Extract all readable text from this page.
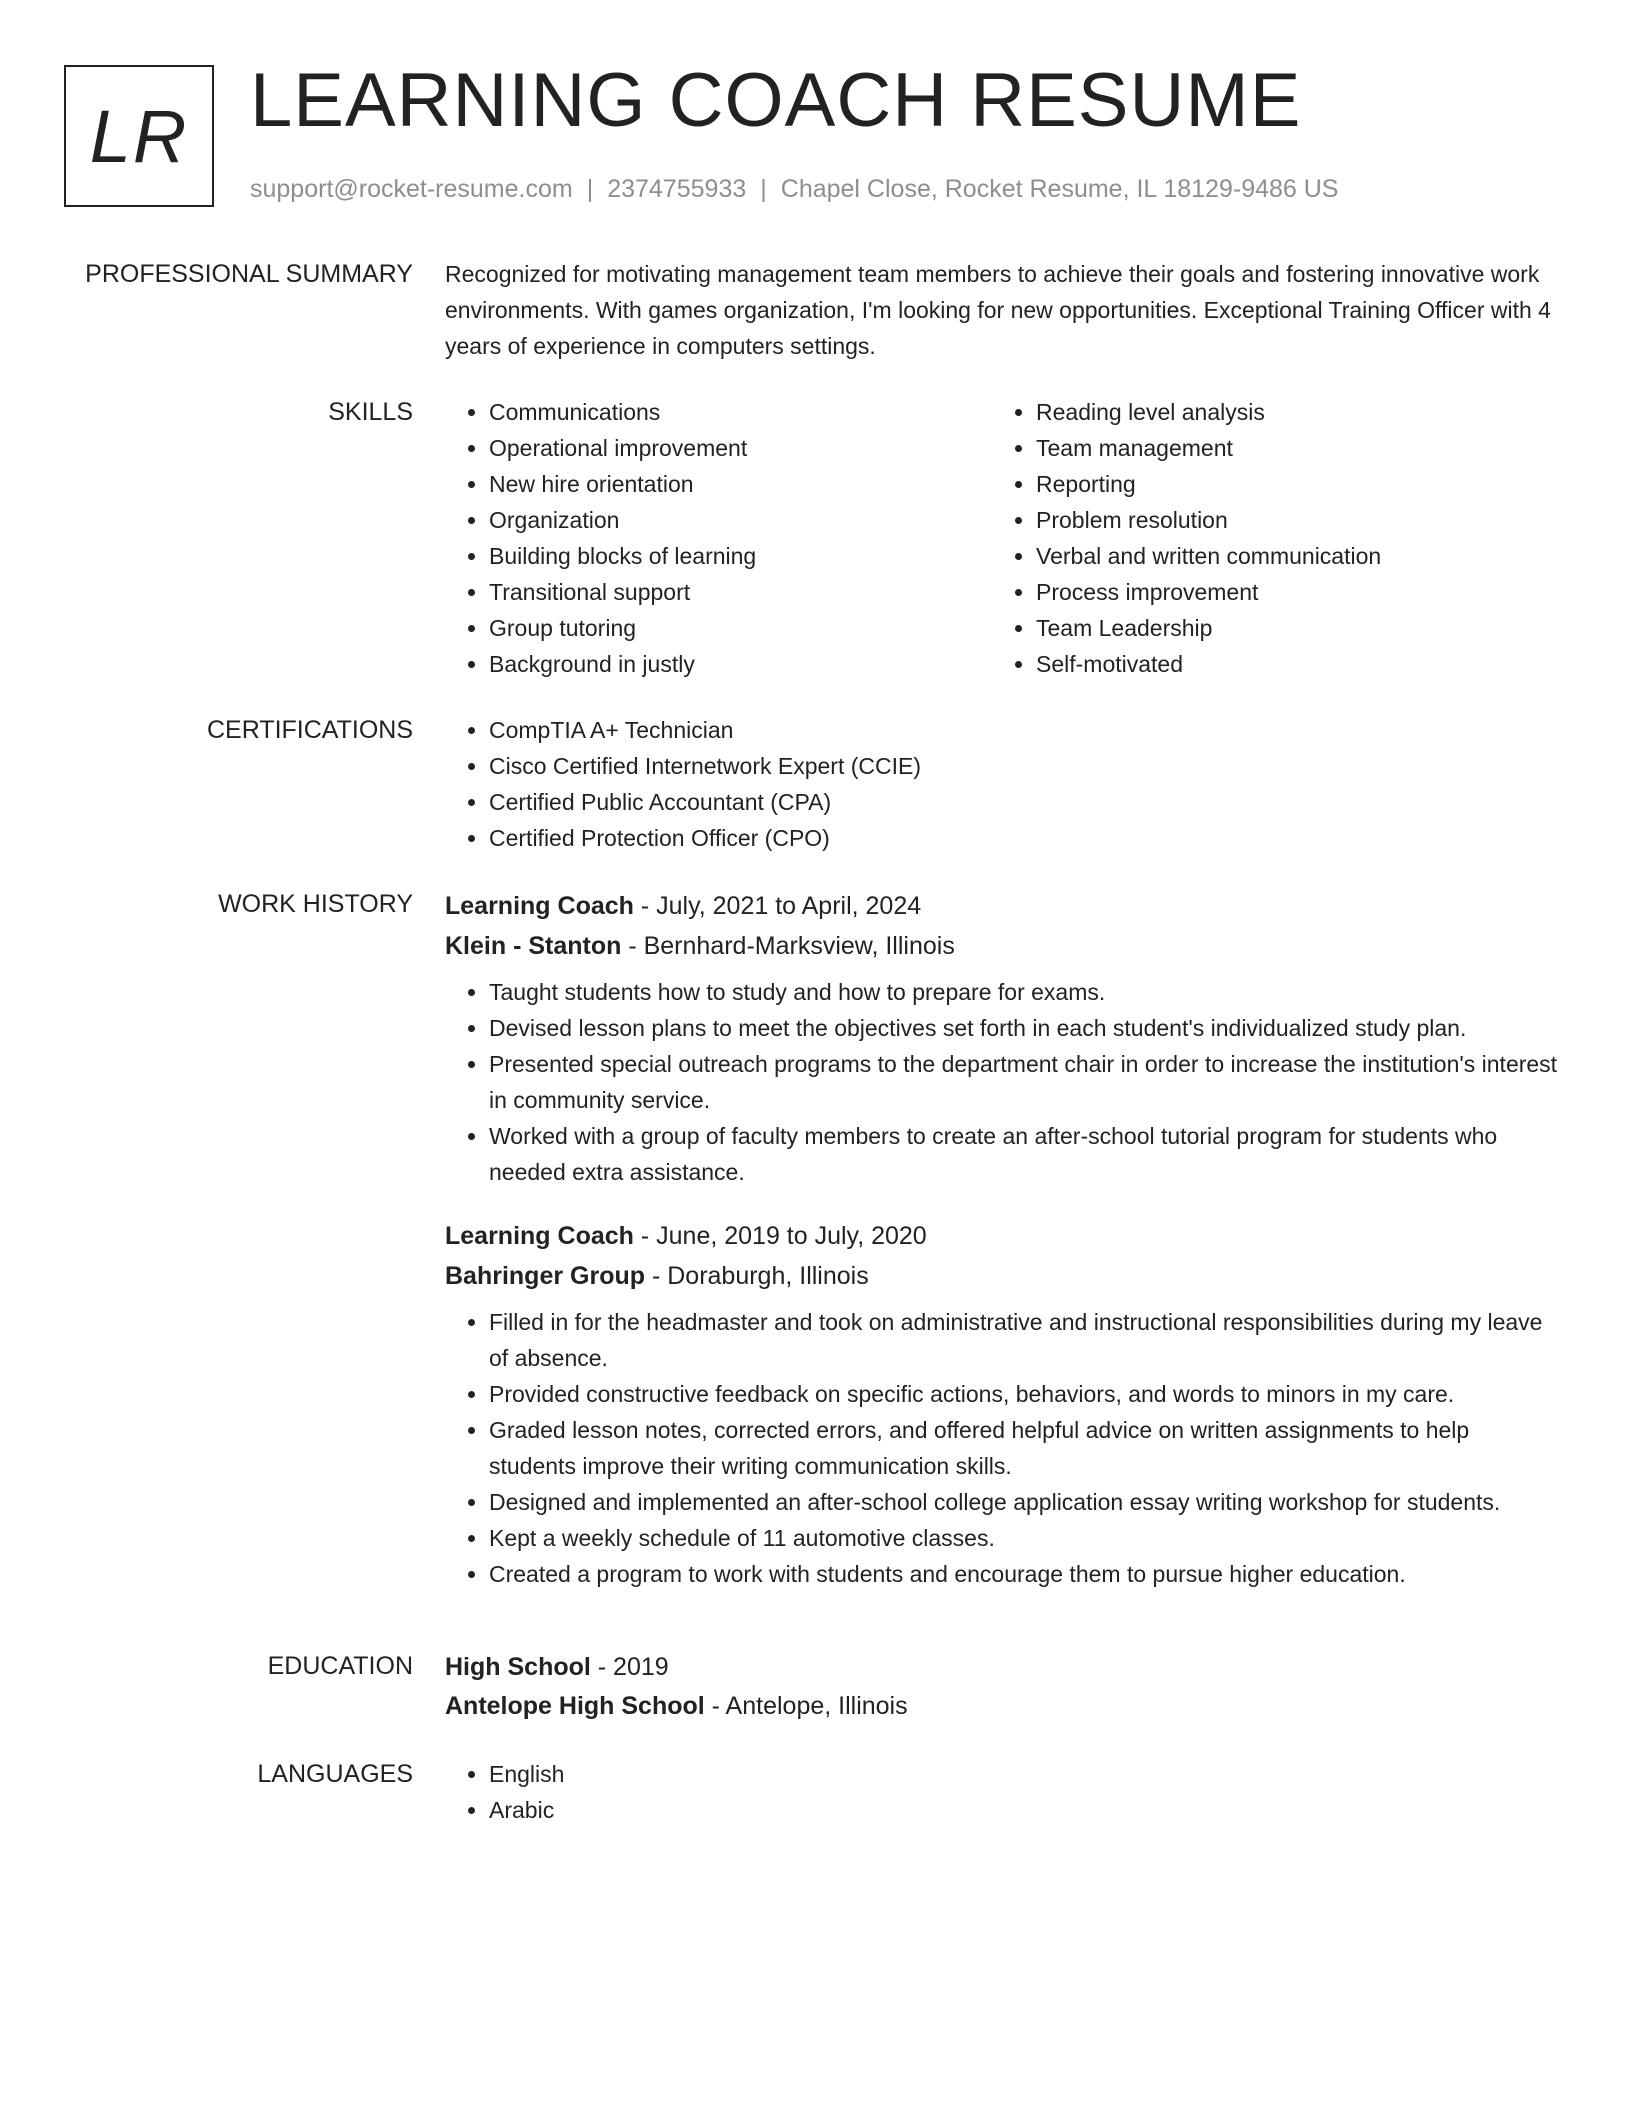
LR LEARNING COACH RESUME
support@rocket-resume.com | 2374755933 | Chapel Close, Rocket Resume, IL 18129-9486 US
PROFESSIONAL SUMMARY Recognized for motivating management team members to achieve their goals and fostering innovative work environments. With games organization, I'm looking for new opportunities. Exceptional Training Officer with 4 years of experience in computers settings.

SKILLS	• Communications
• Operational improvement
• New hire orientation
• Organization
• Building blocks of learning
• Transitional support
• Group tutoring
• Background in justly
• Reading level analysis
• Team management
• Reporting
• Problem resolution
• Verbal and written communication
• Process improvement
• Team Leadership
• Self-motivated
CERTIFICATIONS	• CompTIA A+ Technician
• Cisco Certified Internetwork Expert (CCIE)
• Certified Public Accountant (CPA)
• Certified Protection Officer (CPO)
WORK HISTORY Learning Coach - July, 2021 to April, 2024
Klein - Stanton - Bernhard-Marksview, Illinois
• Taught students how to study and how to prepare for exams.
• Devised lesson plans to meet the objectives set forth in each student's individualized study plan.
• Presented special outreach programs to the department chair in order to increase the institution's interest in community service.
• Worked with a group of faculty members to create an after-school tutorial program for students who needed extra assistance.
Learning Coach - June, 2019 to July, 2020
Bahringer Group - Doraburgh, Illinois
• Filled in for the headmaster and took on administrative and instructional responsibilities during my leave of absence.
• Provided constructive feedback on specific actions, behaviors, and words to minors in my care.
• Graded lesson notes, corrected errors, and offered helpful advice on written assignments to help students improve their writing communication skills.
• Designed and implemented an after-school college application essay writing workshop for students.
• Kept a weekly schedule of 11 automotive classes.
• Created a program to work with students and encourage them to pursue higher education.
EDUCATION High School - 2019
Antelope High School - Antelope, Illinois
LANGUAGES	• English
• Arabic
